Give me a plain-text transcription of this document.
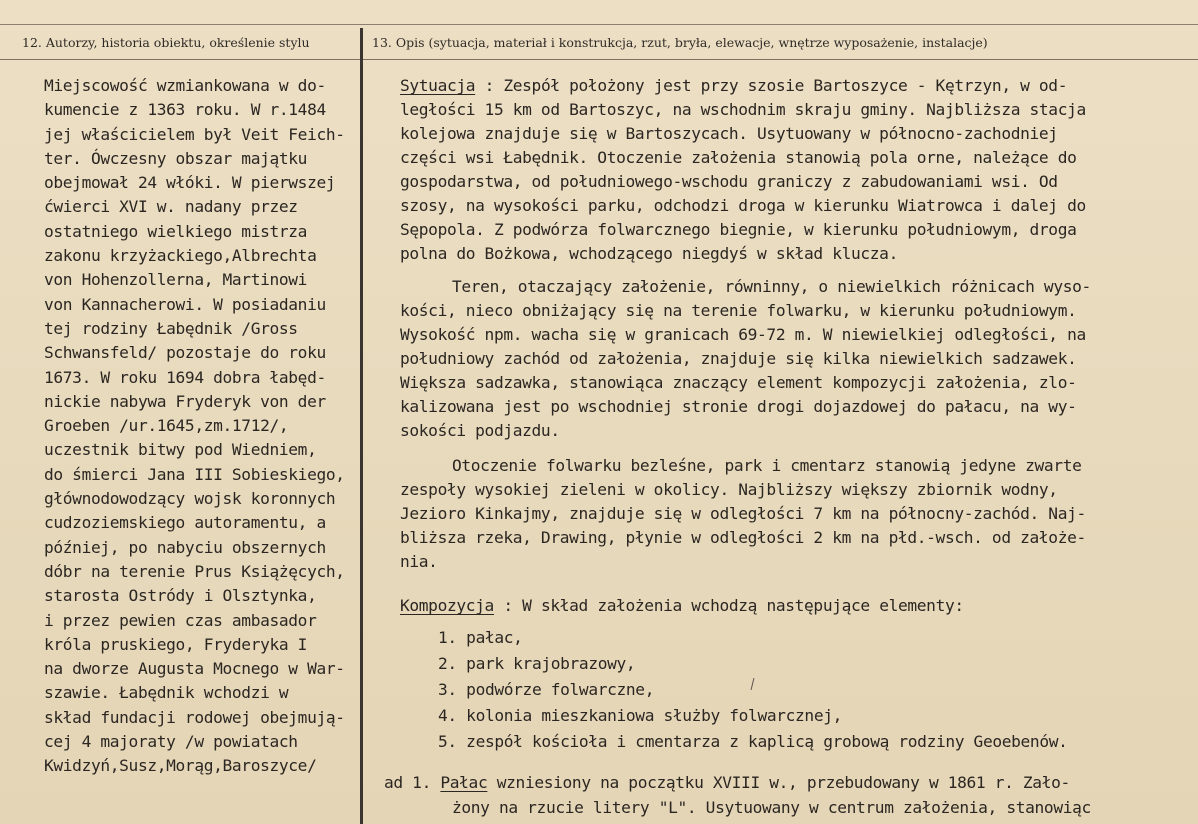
12. Autorzy, historia obiektu, określenie stylu	13. Opis (sytuacja, materiał i konstrukcja, rzut, bryła, elewacje, wnętrze wyposażenie, instalacje)
Miejscowość wzmiankowana w do-
kumencie z 1363 roku. W r.1484
jej właścicielem był Veit Feich-
ter. Ówczesny obszar majątku
obejmował 24 włóki. W pierwszej
ćwierci XVI w. nadany przez
ostatniego wielkiego mistrza
zakonu krzyżackiego,Albrechta
von Hohenzollerna, Martinowi
von Kannacherowi. W posiadaniu
tej rodziny Łabędnik /Gross
Schwansfeld/ pozostaje do roku
1673. W roku 1694 dobra łabęd-
nickie nabywa Fryderyk von der
Groeben /ur.1645,zm.1712/,
uczestnik bitwy pod Wiedniem,
do śmierci Jana III Sobieskiego,
głównodowodzący wojsk koronnych
cudzoziemskiego autoramentu, a
później, po nabyciu obszernych
dóbr na terenie Prus Książęcych,
starosta Ostródy i Olsztynka,
i przez pewien czas ambasador
króla pruskiego, Fryderyka I
na dworze Augusta Mocnego w War-
szawie. Łabędnik wchodzi w
skład fundacji rodowej obejmują-
cej 4 majoraty /w powiatach
Kwidzyń,Susz,Morąg,Baroszyce/
Sytuacja : Zespół położony jest przy szosie Bartoszyce - Kętrzyn, w od-
ległości 15 km od Bartoszyc, na wschodnim skraju gminy. Najbliższa stacja
kolejowa znajduje się w Bartoszycach. Usytuowany w północno-zachodniej
części wsi Łabędnik. Otoczenie założenia stanowią pola orne, należące do
gospodarstwa, od południowego-wschodu graniczy z zabudowaniami wsi. Od
szosy, na wysokości parku, odchodzi droga w kierunku Wiatrowca i dalej do
Sępopola. Z podwórza folwarcznego biegnie, w kierunku południowym, droga
polna do Bożkowa, wchodzącego niegdyś w skład klucza.
Teren, otaczający założenie, równinny, o niewielkich różnicach wyso-
kości, nieco obniżający się na terenie folwarku, w kierunku południowym.
Wysokość npm. wacha się w granicach 69-72 m. W niewielkiej odległości, na
południowy zachód od założenia, znajduje się kilka niewielkich sadzawek.
Większa sadzawka, stanowiąca znaczący element kompozycji założenia, zlo-
kalizowana jest po wschodniej stronie drogi dojazdowej do pałacu, na wy-
sokości podjazdu.
Otoczenie folwarku bezleśne, park i cmentarz stanowią jedyne zwarte
zespoły wysokiej zieleni w okolicy. Najbliższy większy zbiornik wodny,
Jezioro Kinkajmy, znajduje się w odległości 7 km na północny-zachód. Naj-
bliższa rzeka, Drawing, płynie w odległości 2 km na płd.-wsch. od założe-
nia.
Kompozycja : W skład założenia wchodzą następujące elementy:
1. pałac,
2. park krajobrazowy,
3. podwórze folwarczne,
4. kolonia mieszkaniowa służby folwarcznej,
5. zespół kościoła i cmentarza z kaplicą grobową rodziny Geoebenów.
ad 1. Pałac wzniesiony na początku XVIII w., przebudowany w 1861 r. Zało-
żony na rzucie litery "L". Usytuowany w centrum założenia, stanowiąc
